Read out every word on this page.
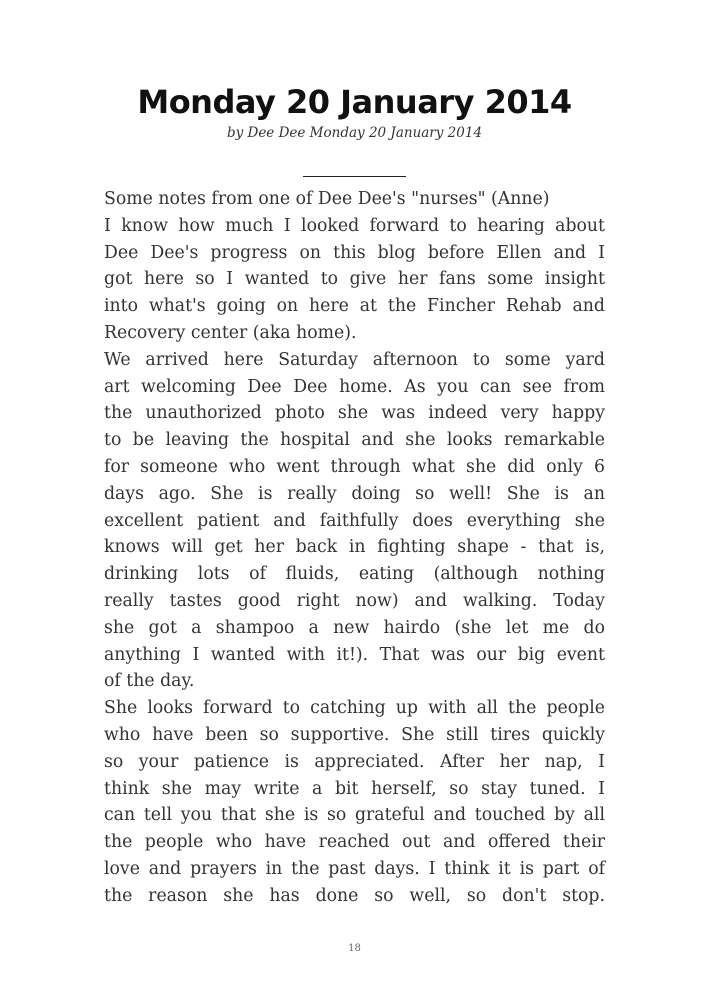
Monday 20 January 2014
by Dee Dee Monday 20 January 2014
Some notes from one of Dee Dee's "nurses" (Anne)
I know how much I looked forward to hearing about
Dee Dee's progress on this blog before Ellen and I
got here so I wanted to give her fans some insight
into what's going on here at the Fincher Rehab and
Recovery center (aka home).
We arrived here Saturday afternoon to some yard
art welcoming Dee Dee home. As you can see from
the unauthorized photo she was indeed very happy
to be leaving the hospital and she looks remarkable
for someone who went through what she did only 6
days ago. She is really doing so well! She is an
excellent patient and faithfully does everything she
knows will get her back in fighting shape - that is,
drinking lots of fluids, eating (although nothing
really tastes good right now) and walking. Today
she got a shampoo a new hairdo (she let me do
anything I wanted with it!). That was our big event
of the day.
She looks forward to catching up with all the people
who have been so supportive. She still tires quickly
so your patience is appreciated. After her nap, I
think she may write a bit herself, so stay tuned. I
can tell you that she is so grateful and touched by all
the people who have reached out and offered their
love and prayers in the past days. I think it is part of
the reason she has done so well, so don't stop.
18
